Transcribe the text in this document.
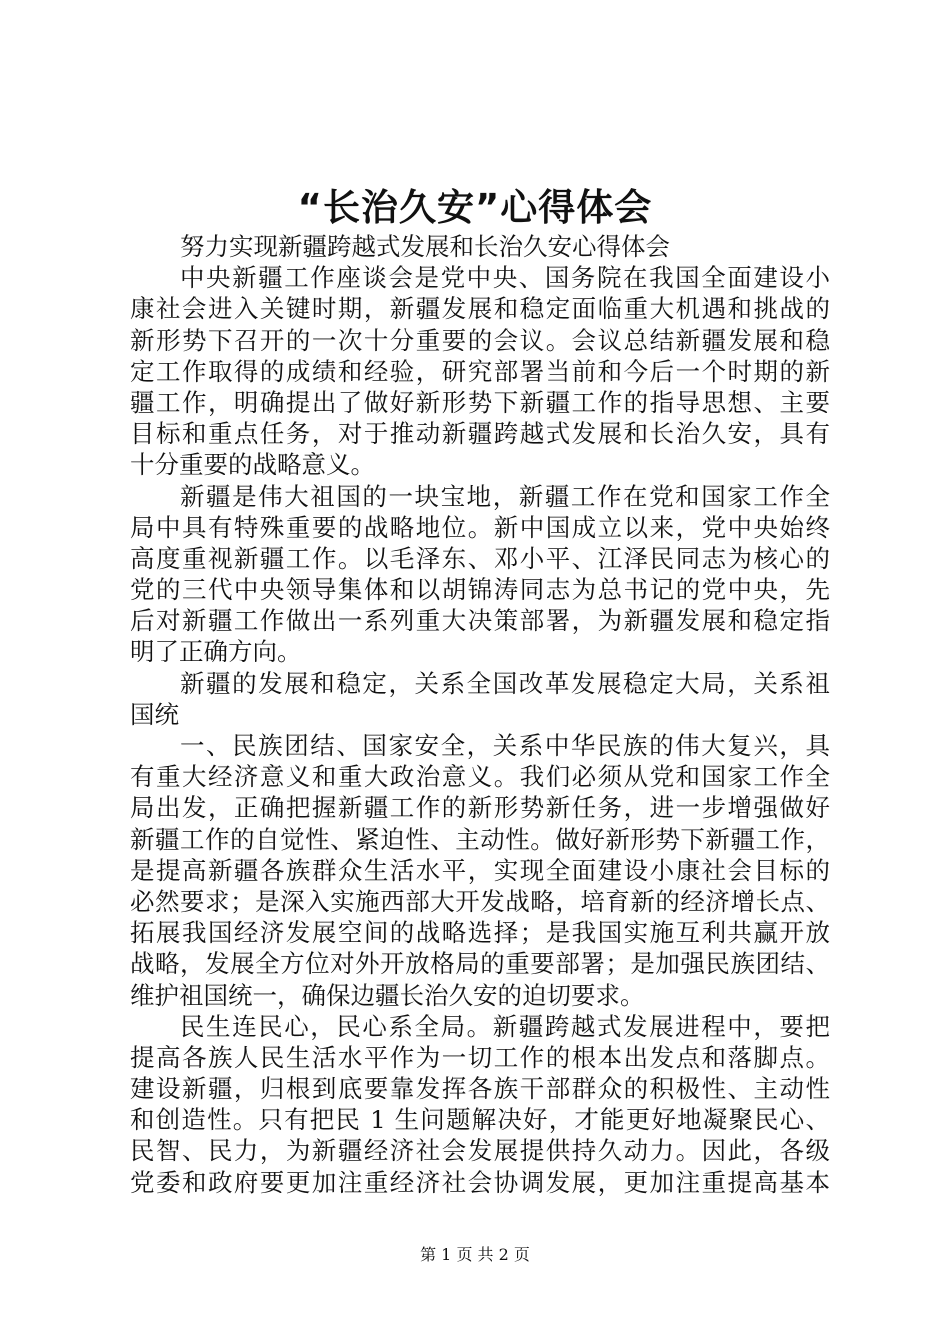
“长治久安”心得体会
努力实现新疆跨越式发展和长治久安心得体会
中央新疆工作座谈会是党中央、国务院在我国全面建设小
康社会进入关键时期，新疆发展和稳定面临重大机遇和挑战的
新形势下召开的一次十分重要的会议。会议总结新疆发展和稳
定工作取得的成绩和经验，研究部署当前和今后一个时期的新
疆工作，明确提出了做好新形势下新疆工作的指导思想、主要
目标和重点任务，对于推动新疆跨越式发展和长治久安，具有
十分重要的战略意义。
新疆是伟大祖国的一块宝地，新疆工作在党和国家工作全
局中具有特殊重要的战略地位。新中国成立以来，党中央始终
高度重视新疆工作。以毛泽东、邓小平、江泽民同志为核心的
党的三代中央领导集体和以胡锦涛同志为总书记的党中央，先
后对新疆工作做出一系列重大决策部署，为新疆发展和稳定指
明了正确方向。
新疆的发展和稳定，关系全国改革发展稳定大局，关系祖
国统
一、民族团结、国家安全，关系中华民族的伟大复兴，具
有重大经济意义和重大政治意义。我们必须从党和国家工作全
局出发，正确把握新疆工作的新形势新任务，进一步增强做好
新疆工作的自觉性、紧迫性、主动性。做好新形势下新疆工作，
是提高新疆各族群众生活水平，实现全面建设小康社会目标的
必然要求；是深入实施西部大开发战略，培育新的经济增长点、
拓展我国经济发展空间的战略选择；是我国实施互利共赢开放
战略，发展全方位对外开放格局的重要部署；是加强民族团结、
维护祖国统一，确保边疆长治久安的迫切要求。
民生连民心，民心系全局。新疆跨越式发展进程中，要把
提高各族人民生活水平作为一切工作的根本出发点和落脚点。
建设新疆，归根到底要靠发挥各族干部群众的积极性、主动性
和创造性。只有把民 1 生问题解决好，才能更好地凝聚民心、
民智、民力，为新疆经济社会发展提供持久动力。因此，各级
党委和政府要更加注重经济社会协调发展，更加注重提高基本
第 1 页 共 2 页
